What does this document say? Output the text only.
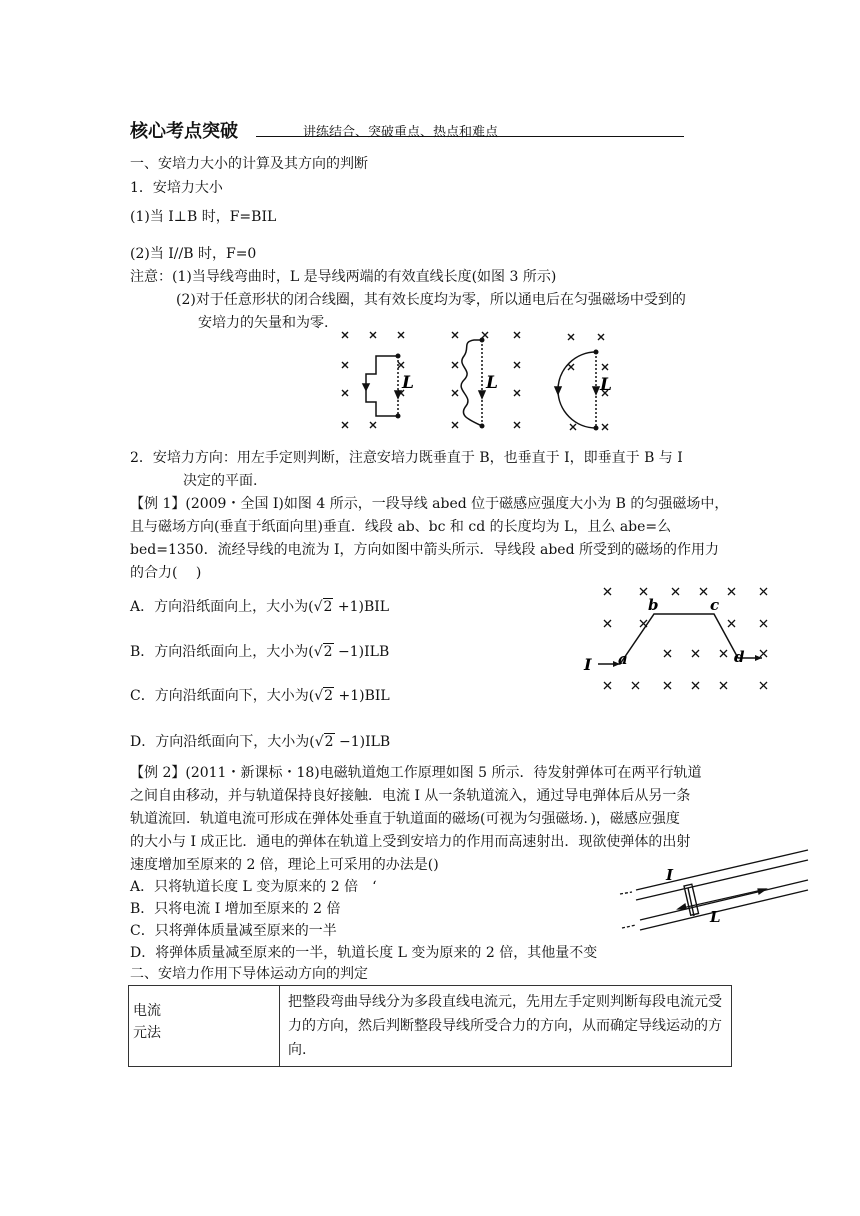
核心考点突破	讲练结合、突破重点、热点和难点
一、安培力大小的计算及其方向的判断
1．安培力大小
(1)当 I⊥B 时，F=BIL
(2)当 I//B 时，F=0
注意：(1)当导线弯曲时，L 是导线两端的有效直线长度(如图 3 所示)
(2)对于任意形状的闭合线圈，其有效长度均为零，所以通电后在匀强磁场中受到的
安培力的矢量和为零.
L	L	L
2．安培力方向：用左手定则判断，注意安培力既垂直于 B，也垂直于 I，即垂直于 B 与 I
决定的平面.
【例 1】(2009・全国 I)如图 4 所示，一段导线 abed 位于磁感应强度大小为 B 的匀强磁场中，
且与磁场方向(垂直于纸面向里)垂直．线段 ab、bc 和 cd 的长度均为 L，且么 abe=么
bed=1350．流经导线的电流为 I，方向如图中箭头所示．导线段 abed 所受到的磁场的作用力
的合力(　 )
A．方向沿纸面向上，大小为(√2 +1)BIL
B．方向沿纸面向上，大小为(√2 −1)ILB
C．方向沿纸面向下，大小为(√2 +1)BIL
D．方向沿纸面向下，大小为(√2 −1)ILB
I a
b	c
d
【例 2】(2011・新课标・18)电磁轨道炮工作原理如图 5 所示．待发射弹体可在两平行轨道
之间自由移动，并与轨道保持良好接触．电流 I 从一条轨道流入，通过导电弹体后从另一条
轨道流回．轨道电流可形成在弹体处垂直于轨道面的磁场(可视为匀强磁场．)，磁感应强度
的大小与 I 成正比．通电的弹体在轨道上受到安培力的作用而高速射出．现欲使弹体的出射
速度增加至原来的 2 倍，理论上可采用的办法是()
A．只将轨道长度 L 变为原来的 2 倍　‘
B．只将电流 I 增加至原来的 2 倍
C．只将弹体质量减至原来的一半
D．将弹体质量减至原来的一半，轨道长度 L 变为原来的 2 倍，其他量不变
I
L
二、安培力作用下导体运动方向的判定
电流
元法
	把整段弯曲导线分为多段直线电流元，先用左手定则判断每段电流元受力的方向，然后判断整段导线所受合力的方向，从而确定导线运动的方向.
